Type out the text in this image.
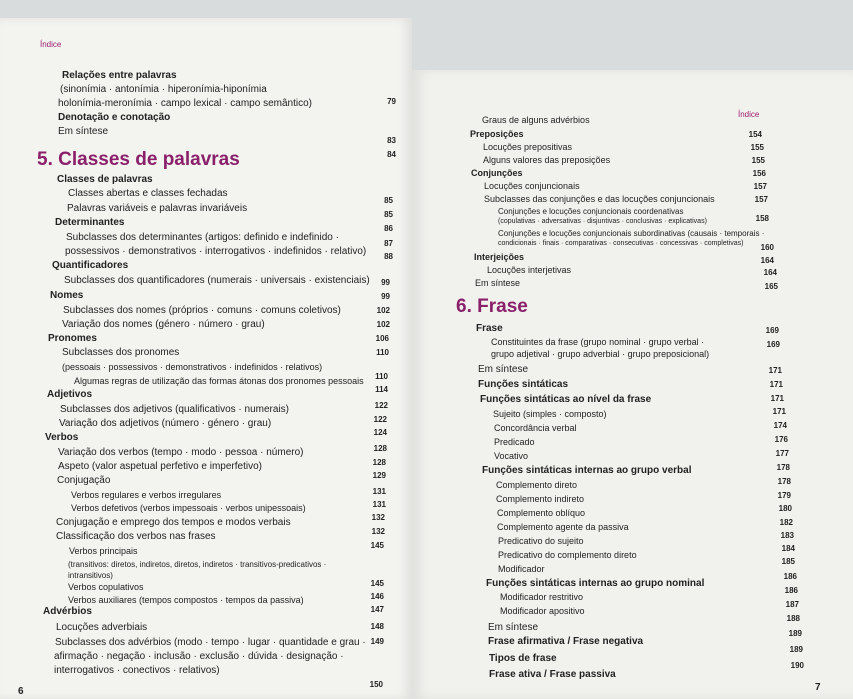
Índice
5. Classes de palavras
Relações entre palavras
(sinonímia · antonímia · hiperonímia-hiponímia
holonímia-meronímia · campo lexical · campo semântico)
Denotação e conotação
Em síntese
Classes de palavras
Classes abertas e classes fechadas
Palavras variáveis e palavras invariáveis
Determinantes
Subclasses dos determinantes (artigos: definido e indefinido ·
possessivos · demonstrativos · interrogativos · indefinidos · relativo)
Quantificadores
Subclasses dos quantificadores (numerais · universais · existenciais)
Nomes
Subclasses dos nomes (próprios · comuns · comuns coletivos)
Variação dos nomes (género · número · grau)
Pronomes
Subclasses dos pronomes
(pessoais · possessivos · demonstrativos · indefinidos · relativos)
Algumas regras de utilização das formas átonas dos pronomes pessoais
Adjetivos
Subclasses dos adjetivos (qualificativos · numerais)
Variação dos adjetivos (número · género · grau)
Verbos
Variação dos verbos (tempo · modo · pessoa · número)
Aspeto (valor aspetual perfetivo e imperfetivo)
Conjugação
Verbos regulares e verbos irregulares
Verbos defetivos (verbos impessoais · verbos unipessoais)
Conjugação e emprego dos tempos e modos verbais
Classificação dos verbos nas frases
Verbos principais
(transitivos: diretos, indiretos, diretos, indiretos · transitivos-predicativos ·
intransitivos)
Verbos copulativos
Verbos auxiliares (tempos compostos · tempos da passiva)
Advérbios
Locuções adverbiais
Subclasses dos advérbios (modo · tempo · lugar · quantidade e grau ·
afirmação · negação · inclusão · exclusão · dúvida · designação ·
interrogativos · conectivos · relativos)
79
83
84
85
85
86
87
88
99
99
102
102
106
110
110
114
122
122
124
128
128
129
131
131
132
132
145
145
146
147
148
149
150
6
Índice
6. Frase
Graus de alguns advérbios
Preposições
Locuções prepositivas
Alguns valores das preposições
Conjunções
Locuções conjuncionais
Subclasses das conjunções e das locuções conjuncionais
Conjunções e locuções conjuncionais coordenativas
(copulativas · adversativas · disjuntivas · conclusivas · explicativas)
Conjunções e locuções conjuncionais subordinativas (causais · temporais ·
condicionais · finais · comparativas · consecutivas · concessivas · completivas)
Interjeições
Locuções interjetivas
Em síntese
Frase
Constituintes da frase (grupo nominal · grupo verbal ·
grupo adjetival · grupo adverbial · grupo preposicional)
Em síntese
Funções sintáticas
Funções sintáticas ao nível da frase
Sujeito (simples · composto)
Concordância verbal
Predicado
Vocativo
Funções sintáticas internas ao grupo verbal
Complemento direto
Complemento indireto
Complemento oblíquo
Complemento agente da passiva
Predicativo do sujeito
Predicativo do complemento direto
Modificador
Funções sintáticas internas ao grupo nominal
Modificador restritivo
Modificador apositivo
Em síntese
Frase afirmativa / Frase negativa
Tipos de frase
Frase ativa / Frase passiva
154
155
155
156
157
157
158
160
164
164
165
169
169
171
171
171
171
174
176
177
178
178
179
180
182
183
184
185
186
186
187
188
189
189
190
7
